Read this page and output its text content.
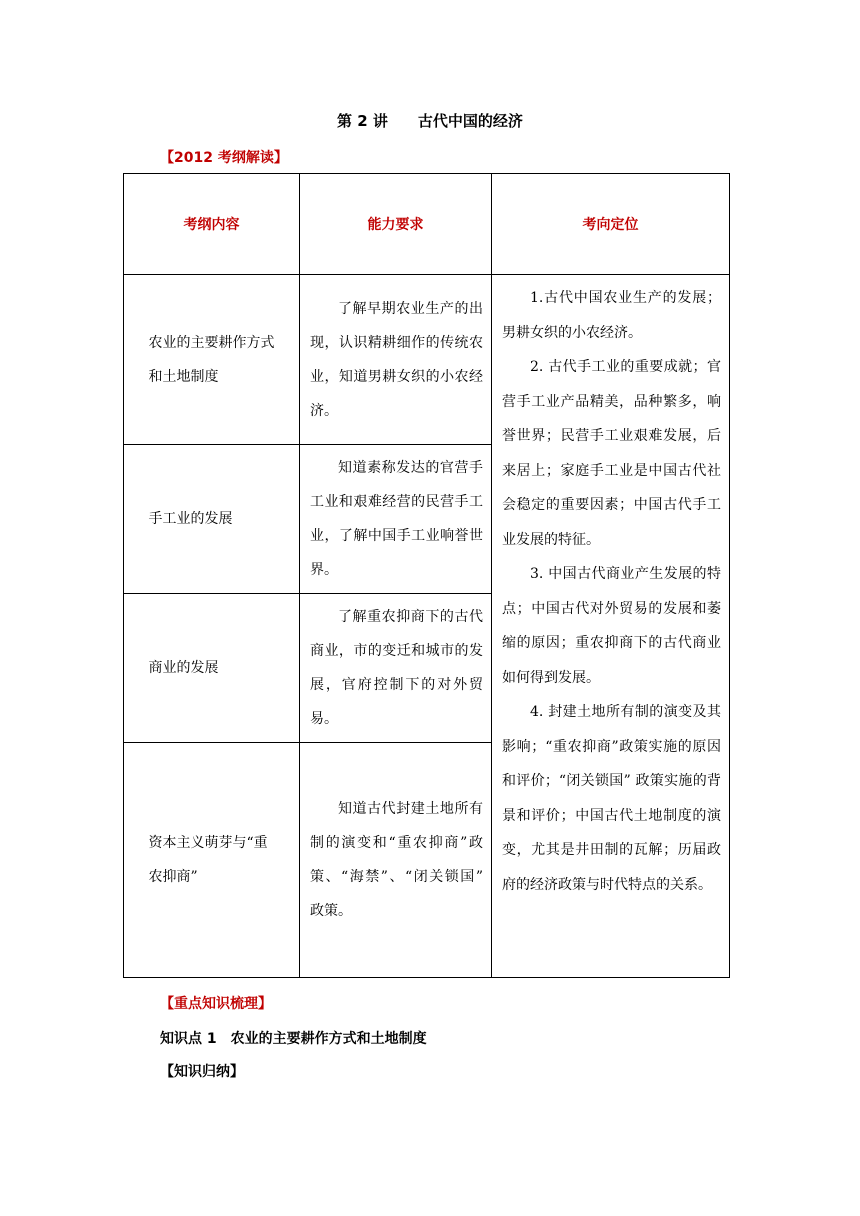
第 2 讲　　古代中国的经济
【2012 考纲解读】
考纲内容	能力要求	考向定位
农业的主要耕作方式和土地制度	了解早期农业生产的出现，认识精耕细作的传统农业，知道男耕女织的小农经济。	1.古代中国农业生产的发展；男耕女织的小农经济。

2. 古代手工业的重要成就；官营手工业产品精美，品种繁多，响誉世界；民营手工业艰难发展，后来居上；家庭手工业是中国古代社会稳定的重要因素；中国古代手工业发展的特征。

3. 中国古代商业产生发展的特点；中国古代对外贸易的发展和萎缩的原因；重农抑商下的古代商业如何得到发展。

4. 封建土地所有制的演变及其影响；“重农抑商”政策实施的原因和评价；“闭关锁国” 政策实施的背景和评价；中国古代土地制度的演变，尤其是井田制的瓦解；历届政府的经济政策与时代特点的关系。

手工业的发展	知道素称发达的官营手工业和艰难经营的民营手工业，了解中国手工业响誉世界。	

商业的发展	了解重农抑商下的古代商业，市的变迁和城市的发展，官府控制下的对外贸易。	

资本主义萌芽与“重农抑商”	知道古代封建土地所有制的演变和“重农抑商”政策、“海禁”、“闭关锁国” 政策。	
【重点知识梳理】
知识点 1　农业的主要耕作方式和土地制度
【知识归纳】
